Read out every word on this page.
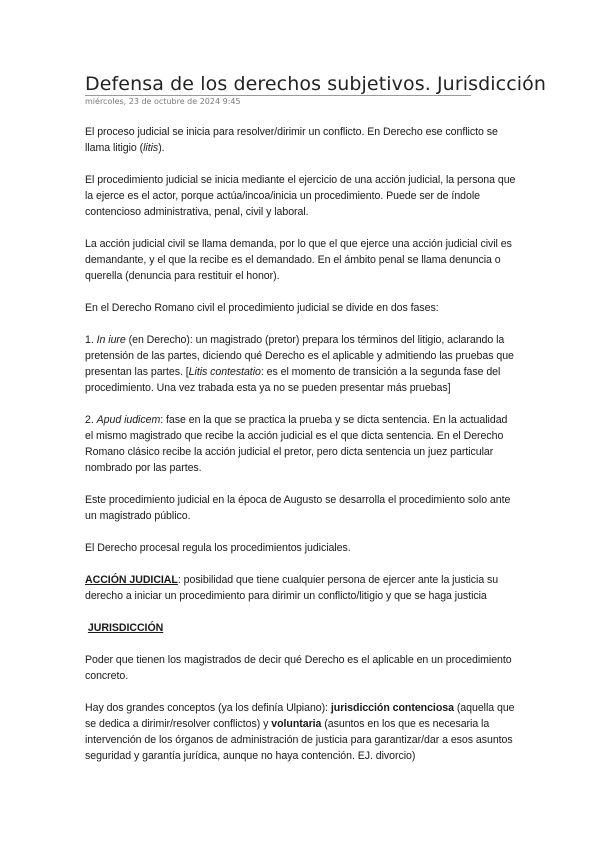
Defensa de los derechos subjetivos. Jurisdicción
miércoles, 23 de octubre de 2024 9:45

El proceso judicial se inicia para resolver/dirimir un conflicto. En Derecho ese conflicto se llama litigio (litis).

El procedimiento judicial se inicia mediante el ejercicio de una acción judicial, la persona que la ejerce es el actor, porque actúa/incoa/inicia un procedimiento. Puede ser de índole contencioso administrativa, penal, civil y laboral.

La acción judicial civil se llama demanda, por lo que el que ejerce una acción judicial civil es demandante, y el que la recibe es el demandado. En el ámbito penal se llama denuncia o querella (denuncia para restituir el honor).

En el Derecho Romano civil el procedimiento judicial se divide en dos fases:

1. In iure (en Derecho): un magistrado (pretor) prepara los términos del litigio, aclarando la pretensión de las partes, diciendo qué Derecho es el aplicable y admitiendo las pruebas que presentan las partes. [Litis contestatio: es el momento de transición a la segunda fase del procedimiento. Una vez trabada esta ya no se pueden presentar más pruebas]

2. Apud iudicem: fase en la que se practica la prueba y se dicta sentencia. En la actualidad el mismo magistrado que recibe la acción judicial es el que dicta sentencia. En el Derecho Romano clásico recibe la acción judicial el pretor, pero dicta sentencia un juez particular nombrado por las partes.

Este procedimiento judicial en la época de Augusto se desarrolla el procedimiento solo ante un magistrado público.

El Derecho procesal regula los procedimientos judiciales.

ACCIÓN JUDICIAL: posibilidad que tiene cualquier persona de ejercer ante la justicia su derecho a iniciar un procedimiento para dirimir un conflicto/litigio y que se haga justicia

JURISDICCIÓN

Poder que tienen los magistrados de decir qué Derecho es el aplicable en un procedimiento concreto.

Hay dos grandes conceptos (ya los definía Ulpiano): jurisdicción contenciosa (aquella que se dedica a dirimir/resolver conflictos) y voluntaria (asuntos en los que es necesaria la intervención de los órganos de administración de justicia para garantizar/dar a esos asuntos seguridad y garantía jurídica, aunque no haya contención. EJ. divorcio)
